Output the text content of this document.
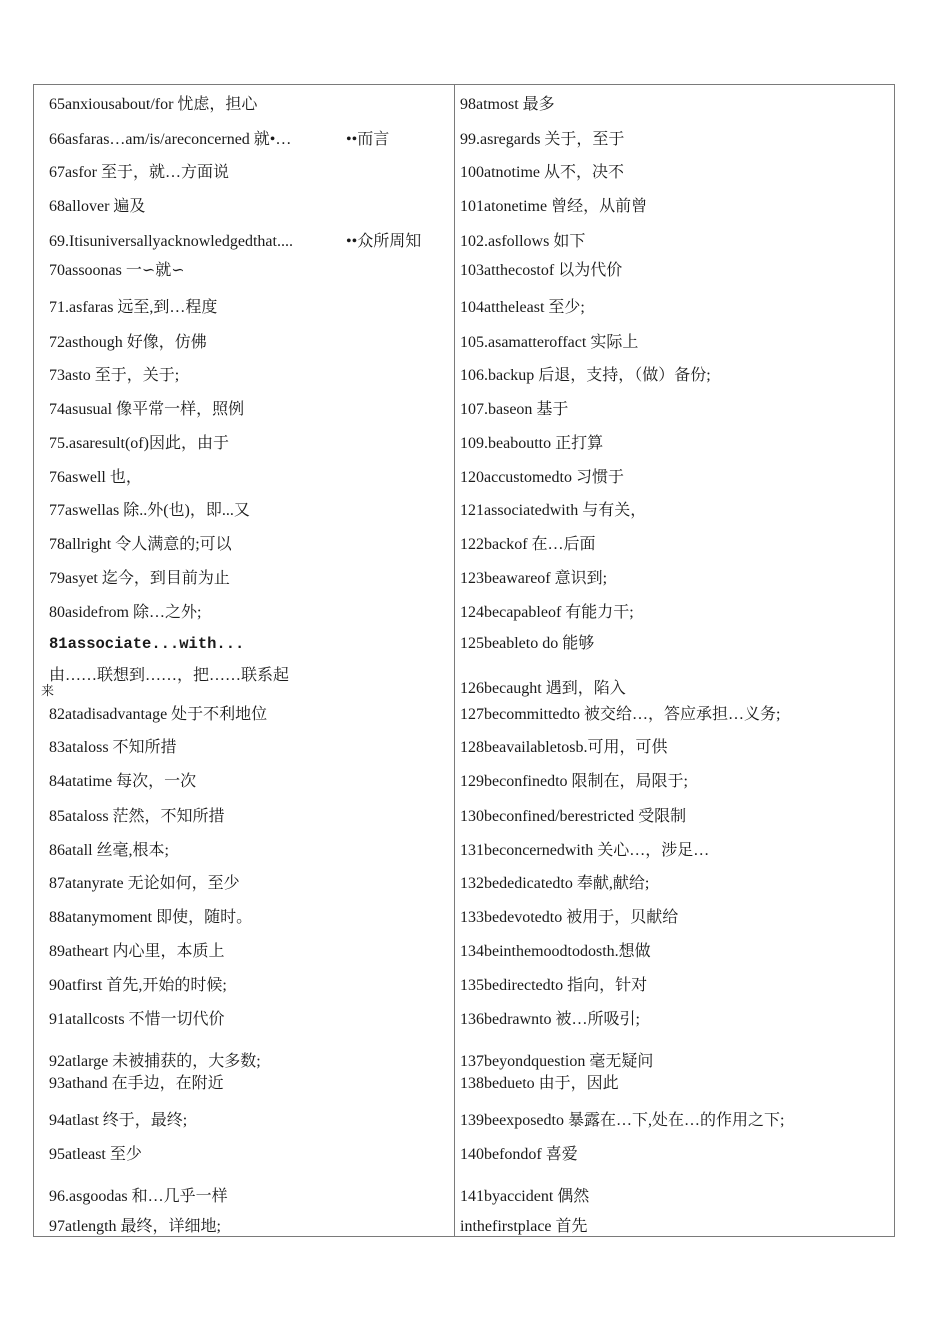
65anxiousabout/for 忧虑，担心
66asfaras…am/is/areconcerned 就•…	••而言
67asfor 至于，就…方面说
68allover 遍及
69.Itisuniversallyacknowledgedthat....	••众所周知
70assoonas 一∽就∽
71.asfaras 远至,到…程度
72asthough 好像，仿佛
73asto 至于，关于;
74asusual 像平常一样，照例
75.asaresult(of)因此，由于
76aswell 也，
77aswellas 除..外(也)，即...又
78allright 令人满意的;可以
79asyet 迄今，到目前为止
80asidefrom 除…之外;
81associate...with...
由……联想到……，把……联系起
来
82atadisadvantage 处于不利地位
83ataloss 不知所措
84atatime 每次，一次
85ataloss 茫然，不知所措
86atall 丝毫,根本;
87atanyrate 无论如何，至少
88atanymoment 即使，随时。
89atheart 内心里，本质上
90atfirst 首先,开始的时候;
91atallcosts 不惜一切代价
92atlarge 未被捕获的，大多数;
93athand 在手边，在附近
94atlast 终于，最终;
95atleast 至少
96.asgoodas 和…几乎一样
97atlength 最终，详细地;
98atmost 最多
99.asregards 关于，至于
100atnotime 从不，决不
101atonetime 曾经，从前曾
102.asfollows 如下
103atthecostof 以为代价
104attheleast 至少;
105.asamatteroffact 实际上
106.backup 后退，支持，（做）备份;
107.baseon 基于
109.beaboutto 正打算
120accustomedto 习惯于
121associatedwith 与有关，
122backof 在…后面
123beawareof 意识到;
124becapableof 有能力干;
125beableto do 能够
126becaught 遇到，陷入
127becommittedto 被交给…，答应承担…义务;
128beavailabletosb.可用，可供
129beconfinedto 限制在，局限于;
130beconfined/berestricted 受限制
131beconcernedwith 关心…，涉足…
132bededicatedto 奉献,献给;
133bedevotedto 被用于，贝献给
134beinthemoodtodosth.想做
135bedirectedto 指向，针对
136bedrawnto 被…所吸引;
137beyondquestion 毫无疑问
138bedueto 由于，因此
139beexposedto 暴露在…下,处在…的作用之下;
140befondof 喜爱
141byaccident 偶然
inthefirstplace 首先
